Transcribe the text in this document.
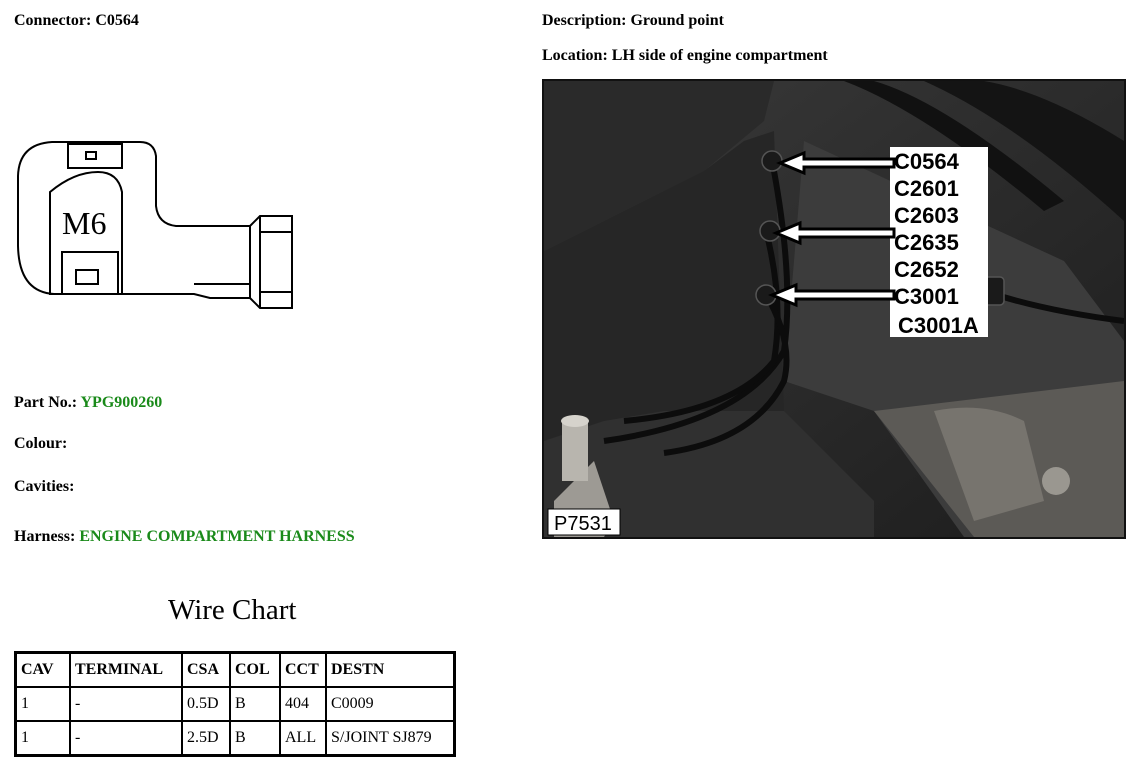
Connector: C0564
M6
Part No.: YPG900260
Colour:
Cavities:
Harness: ENGINE COMPARTMENT HARNESS
Wire Chart
CAV	TERMINAL	CSA	COL	CCT	DESTN
1	-	0.5D	B	404	C0009
1	-	2.5D	B	ALL	S/JOINT SJ879
Description: Ground point
Location: LH side of engine compartment
C0564
C2601
C2603
C2635
C2652
C3001
C3001A
P7531
